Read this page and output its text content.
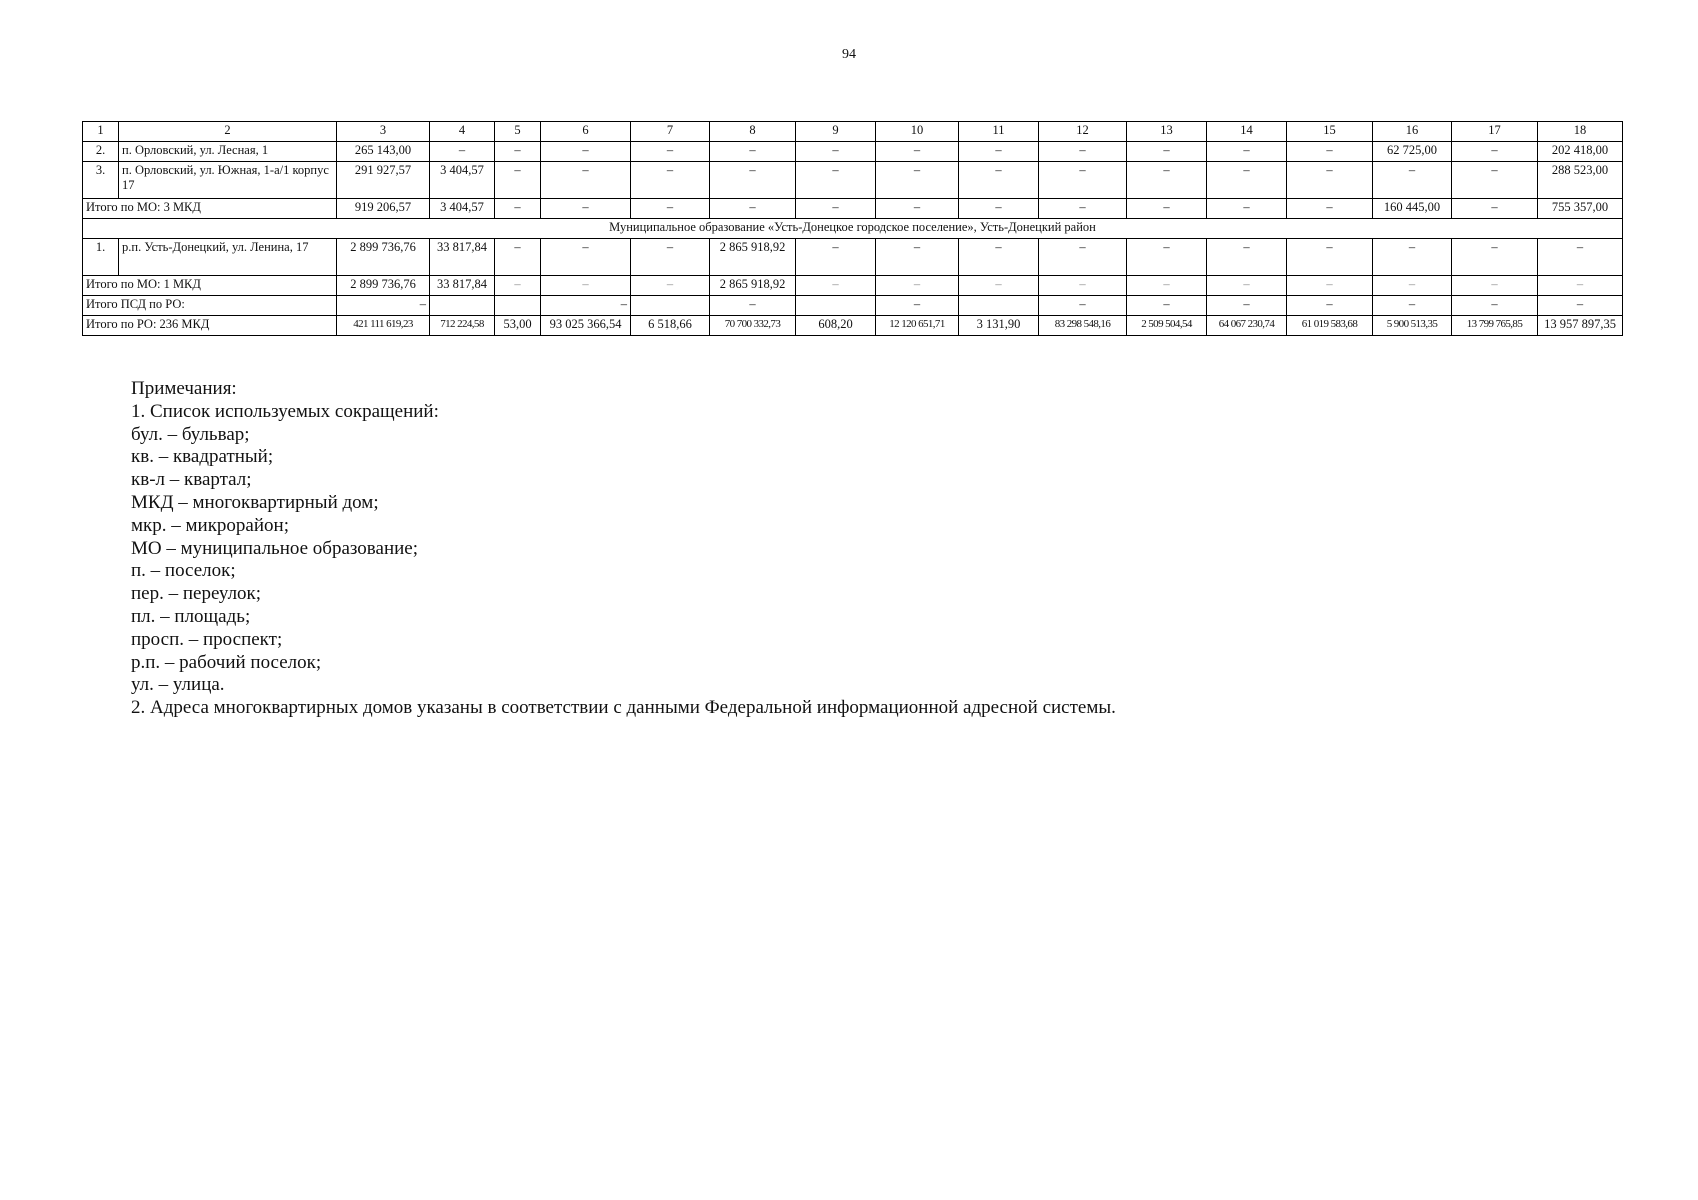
94
1	2	3	4	5	6	7	8	9	10	11	12	13	14	15	16	17	18
2.	п. Орловский, ул. Лесная, 1	265 143,00	–	–	–	–	–	–	–	–	–	–	–	–	62 725,00	–	202 418,00
3.	п. Орловский, ул. Южная, 1-а/1 корпус 17	291 927,57	3 404,57	–	–	–	–	–	–	–	–	–	–	–	–	–	288 523,00
Итого по МО: 3 МКД		919 206,57	3 404,57	–	–	–	–	–	–	–	–	–	–	–	160 445,00	–	755 357,00
Муниципальное образование «Усть-Донецкое городское поселение», Усть-Донецкий район																	
1.	р.п. Усть-Донецкий, ул. Ленина, 17	2 899 736,76	33 817,84	–	–	–	2 865 918,92	–	–	–	–	–	–	–	–	–	–
Итого по МО: 1 МКД		2 899 736,76	33 817,84	–	–	–	2 865 918,92	–	–	–	–	–	–	–	–	–	–
Итого ПСД по РО:		–			–		–		–		–	–	–	–	–	–	–
Итого по РО: 236 МКД		421 111 619,23	712 224,58	53,00	93 025 366,54	6 518,66	70 700 332,73	608,20	12 120 651,71	3 131,90	83 298 548,16	2 509 504,54	64 067 230,74	61 019 583,68	5 900 513,35	13 799 765,85	13 957 897,35
Примечания:
1. Список используемых сокращений:
бул. – бульвар;
кв. – квадратный;
кв-л – квартал;
МКД – многоквартирный дом;
мкр. – микрорайон;
МО – муниципальное образование;
п. – поселок;
пер. – переулок;
пл. – площадь;
просп. – проспект;
р.п. – рабочий поселок;
ул. – улица.
2. Адреса многоквартирных домов указаны в соответствии с данными Федеральной информационной адресной системы.
